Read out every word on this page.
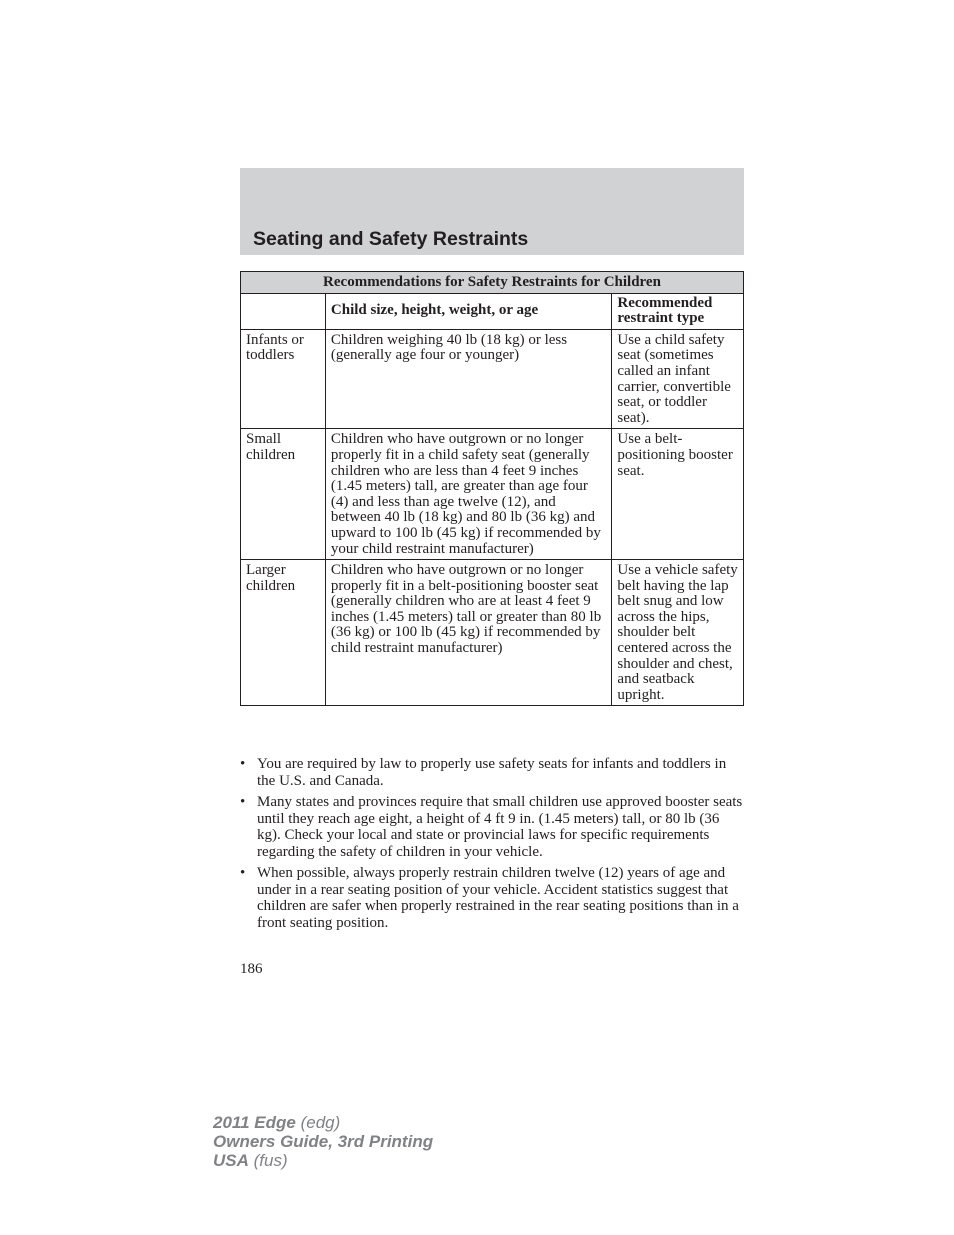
Seating and Safety Restraints
Recommendations for Safety Restraints for Children		
	Child size, height, weight, or age	Recommended restraint type
Infants or toddlers	Children weighing 40 lb (18 kg) or less (generally age four or younger)	Use a child safety seat (sometimes called an infant carrier, convertible seat, or toddler seat).
Small children	Children who have outgrown or no longer properly fit in a child safety seat (generally children who are less than 4 feet 9 inches (1.45 meters) tall, are greater than age four (4) and less than age twelve (12), and between 40 lb (18 kg) and 80 lb (36 kg) and upward to 100 lb (45 kg) if recommended by your child restraint manufacturer)	Use a belt-positioning booster seat.
Larger children	Children who have outgrown or no longer properly fit in a belt-positioning booster seat (generally children who are at least 4 feet 9 inches (1.45 meters) tall or greater than 80 lb (36 kg) or 100 lb (45 kg) if recommended by child restraint manufacturer)	Use a vehicle safety belt having the lap belt snug and low across the hips, shoulder belt centered across the shoulder and chest, and seatback upright.
• You are required by law to properly use safety seats for infants and toddlers in the U.S. and Canada.
• Many states and provinces require that small children use approved booster seats until they reach age eight, a height of 4 ft 9 in. (1.45 meters) tall, or 80 lb (36 kg). Check your local and state or provincial laws for specific requirements regarding the safety of children in your vehicle.
• When possible, always properly restrain children twelve (12) years of age and under in a rear seating position of your vehicle. Accident statistics suggest that children are safer when properly restrained in the rear seating positions than in a front seating position.
186
2011 Edge (edg)
Owners Guide, 3rd Printing
USA (fus)
